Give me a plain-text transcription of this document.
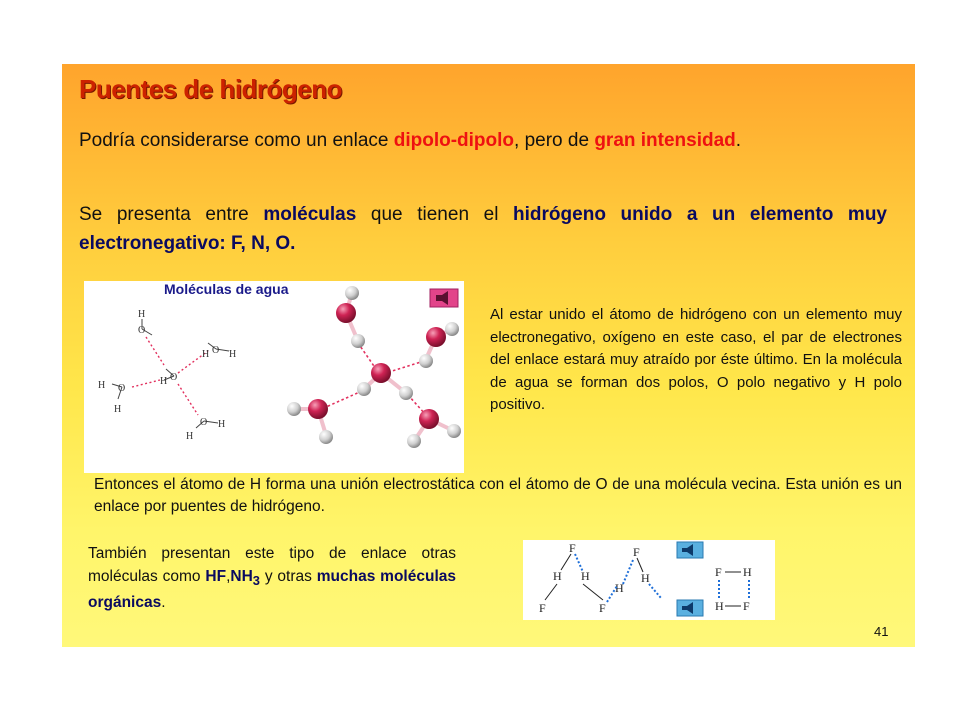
Puentes de hidrógeno
Podría considerarse como un enlace dipolo-dipolo, pero de gran intensidad.
Se presenta entre moléculas que tienen el hidrógeno unido a un elemento muy electronegativo: F, N, O.
O
H
O
H
O
H H
O
H
H
O
H
H
Moléculas de agua
Al estar unido el átomo de hidrógeno con un elemento muy electronegativo, oxígeno en este caso, el par de electrones del enlace estará muy atraído por éste último. En la molécula de agua se forman dos polos, O polo negativo y H polo positivo.
Entonces el átomo de H forma una unión electrostática con el átomo de O de una molécula vecina. Esta unión es un enlace por puentes de hidrógeno.
También presentan este tipo de enlace otras moléculas como $HF,NH_3$ y otras muchas moléculas orgánicas.
F
H H
F
H
F
F
H	F H
H F
41
